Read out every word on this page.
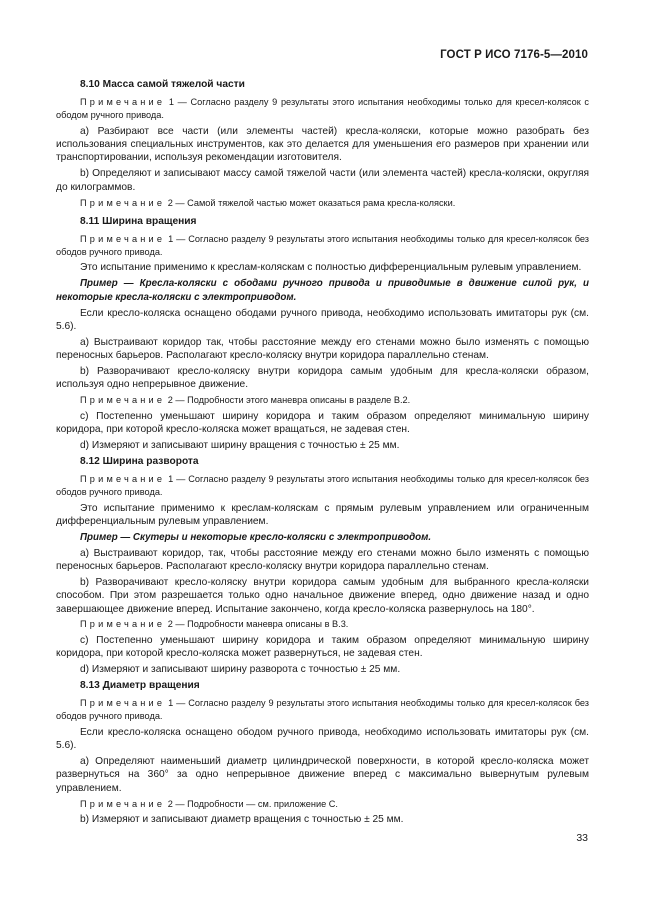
ГОСТ Р ИСО 7176-5—2010

8.10 Масса самой тяжелой части

Примечание 1 — Согласно разделу 9 результаты этого испытания необходимы только для кресел-колясок с ободом ручного привода.

a) Разбирают все части (или элементы частей) кресла-коляски, которые можно разобрать без использования специальных инструментов, как это делается для уменьшения его размеров при хранении или транспортировании, используя рекомендации изготовителя.

b) Определяют и записывают массу самой тяжелой части (или элемента частей) кресла-коляски, округляя до килограммов.

Примечание 2 — Самой тяжелой частью может оказаться рама кресла-коляски.

8.11 Ширина вращения

Примечание 1 — Согласно разделу 9 результаты этого испытания необходимы только для кресел-колясок без ободов ручного привода.

Это испытание применимо к креслам-коляскам с полностью дифференциальным рулевым управлением.

Пример — Кресла-коляски с ободами ручного привода и приводимые в движение силой рук, и некоторые кресла-коляски с электроприводом.

Если кресло-коляска оснащено ободами ручного привода, необходимо использовать имитаторы рук (см. 5.6).

a) Выстраивают коридор так, чтобы расстояние между его стенами можно было изменять с помощью переносных барьеров. Располагают кресло-коляску внутри коридора параллельно стенам.

b) Разворачивают кресло-коляску внутри коридора самым удобным для кресла-коляски образом, используя одно непрерывное движение.

Примечание 2 — Подробности этого маневра описаны в разделе B.2.

c) Постепенно уменьшают ширину коридора и таким образом определяют минимальную ширину коридора, при которой кресло-коляска может вращаться, не задевая стен.

d) Измеряют и записывают ширину вращения с точностью ± 25 мм.

8.12 Ширина разворота

Примечание 1 — Согласно разделу 9 результаты этого испытания необходимы только для кресел-колясок без ободов ручного привода.

Это испытание применимо к креслам-коляскам с прямым рулевым управлением или ограниченным дифференциальным рулевым управлением.

Пример — Скутеры и некоторые кресло-коляски с электроприводом.

a) Выстраивают коридор, так, чтобы расстояние между его стенами можно было изменять с помощью переносных барьеров. Располагают кресло-коляску внутри коридора параллельно стенам.

b) Разворачивают кресло-коляску внутри коридора самым удобным для выбранного кресла-коляски способом. При этом разрешается только одно начальное движение вперед, одно движение назад и одно завершающее движение вперед. Испытание закончено, когда кресло-коляска развернулось на 180°.

Примечание 2 — Подробности маневра описаны в B.3.

c) Постепенно уменьшают ширину коридора и таким образом определяют минимальную ширину коридора, при которой кресло-коляска может развернуться, не задевая стен.

d) Измеряют и записывают ширину разворота с точностью ± 25 мм.

8.13 Диаметр вращения

Примечание 1 — Согласно разделу 9 результаты этого испытания необходимы только для кресел-колясок без ободов ручного привода.

Если кресло-коляска оснащено ободом ручного привода, необходимо использовать имитаторы рук (см. 5.6).

a) Определяют наименьший диаметр цилиндрической поверхности, в которой кресло-коляска может развернуться на 360° за одно непрерывное движение вперед с максимально вывернутым рулевым управлением.

Примечание 2 — Подробности — см. приложение C.

b) Измеряют и записывают диаметр вращения с точностью ± 25 мм.

33
